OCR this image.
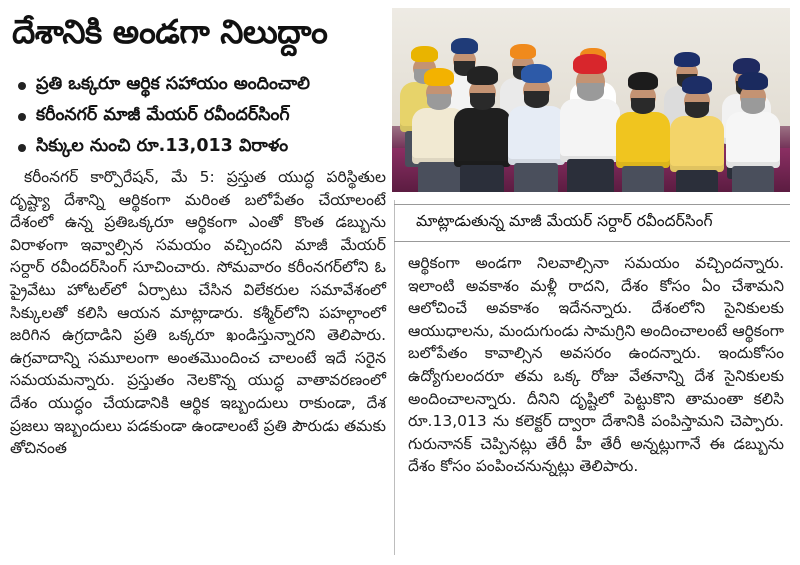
దేశానికి అండగా నిలుద్దాం
ప్రతి ఒక్కరూ ఆర్థిక సహాయం అందించాలి
కరీంనగర్ మాజీ మేయర్ రవీందర్‌సింగ్
సిక్కుల నుంచి రూ.13,013 విరాళం

కరీంనగర్ కార్పొరేషన్, మే 5: ప్రస్తుత యుద్ధ పరిస్థితుల దృష్ట్యా దేశాన్ని ఆర్థికంగా మరింత బలోపేతం చేయాలంటే దేశంలో ఉన్న ప్రతిఒక్కరూ ఆర్థికంగా ఎంతో కొంత డబ్బును విరాళంగా ఇవ్వాల్సిన సమయం వచ్చిందని మాజీ మేయర్ సర్దార్ రవీందర్‌సింగ్ సూచించారు. సోమవారం కరీంనగర్‌లోని ఓ ప్రైవేటు హోటల్‌లో ఏర్పాటు చేసిన విలేకరుల సమావేశంలో సిక్కులతో కలిసి ఆయన మాట్లాడారు. కశ్మీర్‌లోని పహల్గాంలో జరిగిన ఉగ్రదాడిని ప్రతి ఒక్కరూ ఖండిస్తున్నారని తెలిపారు. ఉగ్రవాదాన్ని సమూలంగా అంతమొందించ చాలంటే ఇదే సరైన సమయమన్నారు. ప్రస్తుతం నెలకొన్న యుద్ధ వాతావరణంలో దేశం యుద్ధం చేయడానికి ఆర్థిక ఇబ్బందులు రాకుండా, దేశ ప్రజలు ఇబ్బందులు పడకుండా ఉండాలంటే ప్రతి పౌరుడు తమకు తోచినంత

మాట్లాడుతున్న మాజీ మేయర్ సర్దార్ రవీందర్‌సింగ్

ఆర్థికంగా అండగా నిలవాల్సినా సమయం వచ్చిందన్నారు. ఇలాంటి అవకాశం మళ్లీ రాదని, దేశం కోసం ఏం చేశామని ఆలోచించే అవకాశం ఇదేనన్నారు. దేశంలోని సైనికులకు ఆయుధాలను, మందుగుండు సామగ్రిని అందించాలంటే ఆర్థికంగా బలోపేతం కావాల్సిన అవసరం ఉందన్నారు. ఇందుకోసం ఉద్యోగులందరూ తమ ఒక్క రోజు వేతనాన్ని దేశ సైనికులకు అందించాలన్నారు. దీనిని దృష్టిలో పెట్టుకొని తామంతా కలిసి రూ.13,013 ను కలెక్టర్ ద్వారా దేశానికి పంపిస్తామని చెప్పారు. గురునానక్ చెప్పినట్లు తేరీ హీ తేరీ అన్నట్లుగానే ఈ డబ్బును దేశం కోసం పంపించనున్నట్లు తెలిపారు.
